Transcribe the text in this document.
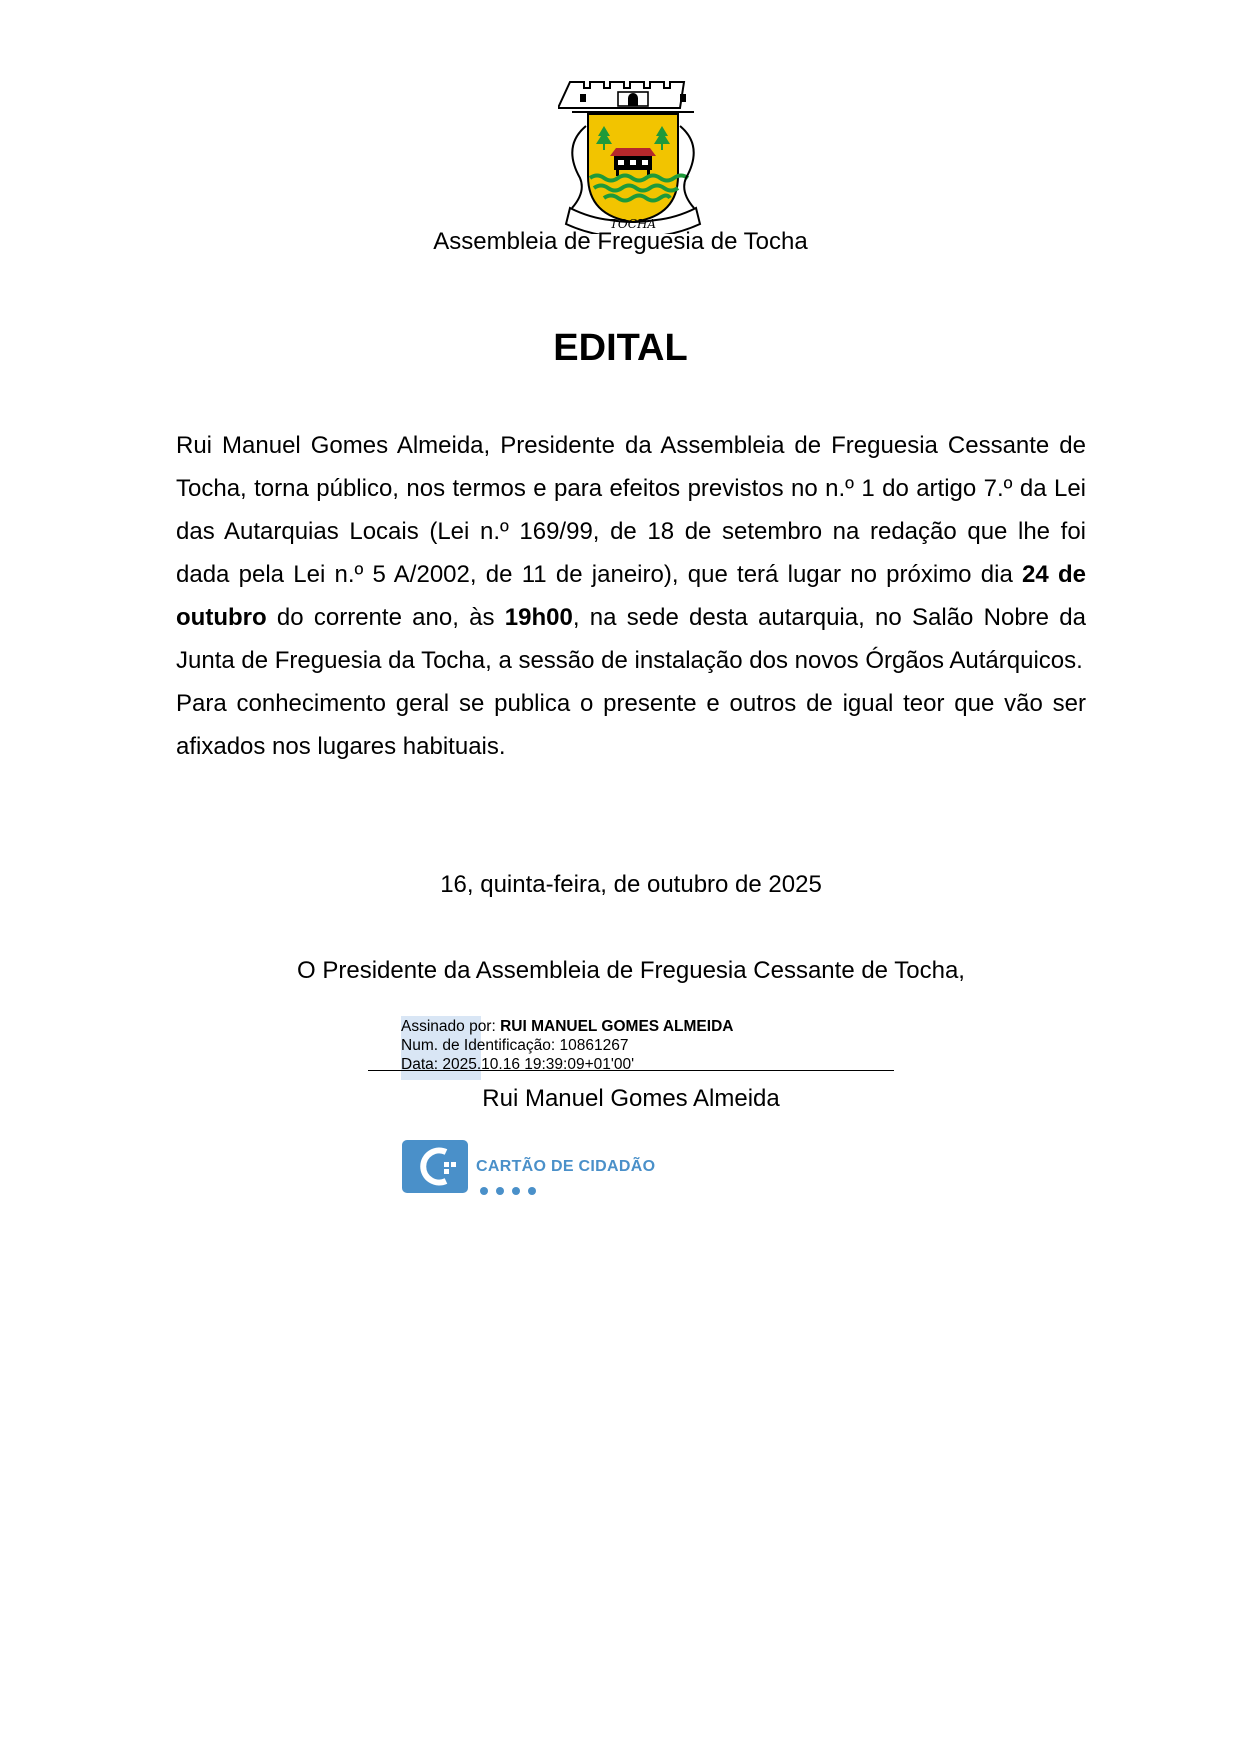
TOCHA
Assembleia de Freguesia de Tocha
EDITAL

Rui Manuel Gomes Almeida, Presidente da Assembleia de Freguesia Cessante de Tocha, torna público, nos termos e para efeitos previstos no n.º 1 do artigo 7.º da Lei das Autarquias Locais (Lei n.º 169/99, de 18 de setembro na redação que lhe foi dada pela Lei n.º 5 A/2002, de 11 de janeiro), que terá lugar no próximo dia 24 de outubro do corrente ano, às 19h00, na sede desta autarquia, no Salão Nobre da Junta de Freguesia da Tocha, a sessão de instalação dos novos Órgãos Autárquicos.

Para conhecimento geral se publica o presente e outros de igual teor que vão ser afixados nos lugares habituais.

16, quinta-feira, de outubro de 2025
O Presidente da Assembleia de Freguesia Cessante de Tocha,
Assinado por: RUI MANUEL GOMES ALMEIDA
Num. de Identificação: 10861267
Data: 2025.10.16 19:39:09+01'00'
Rui Manuel Gomes Almeida
CARTÃO DE CIDADÃO
